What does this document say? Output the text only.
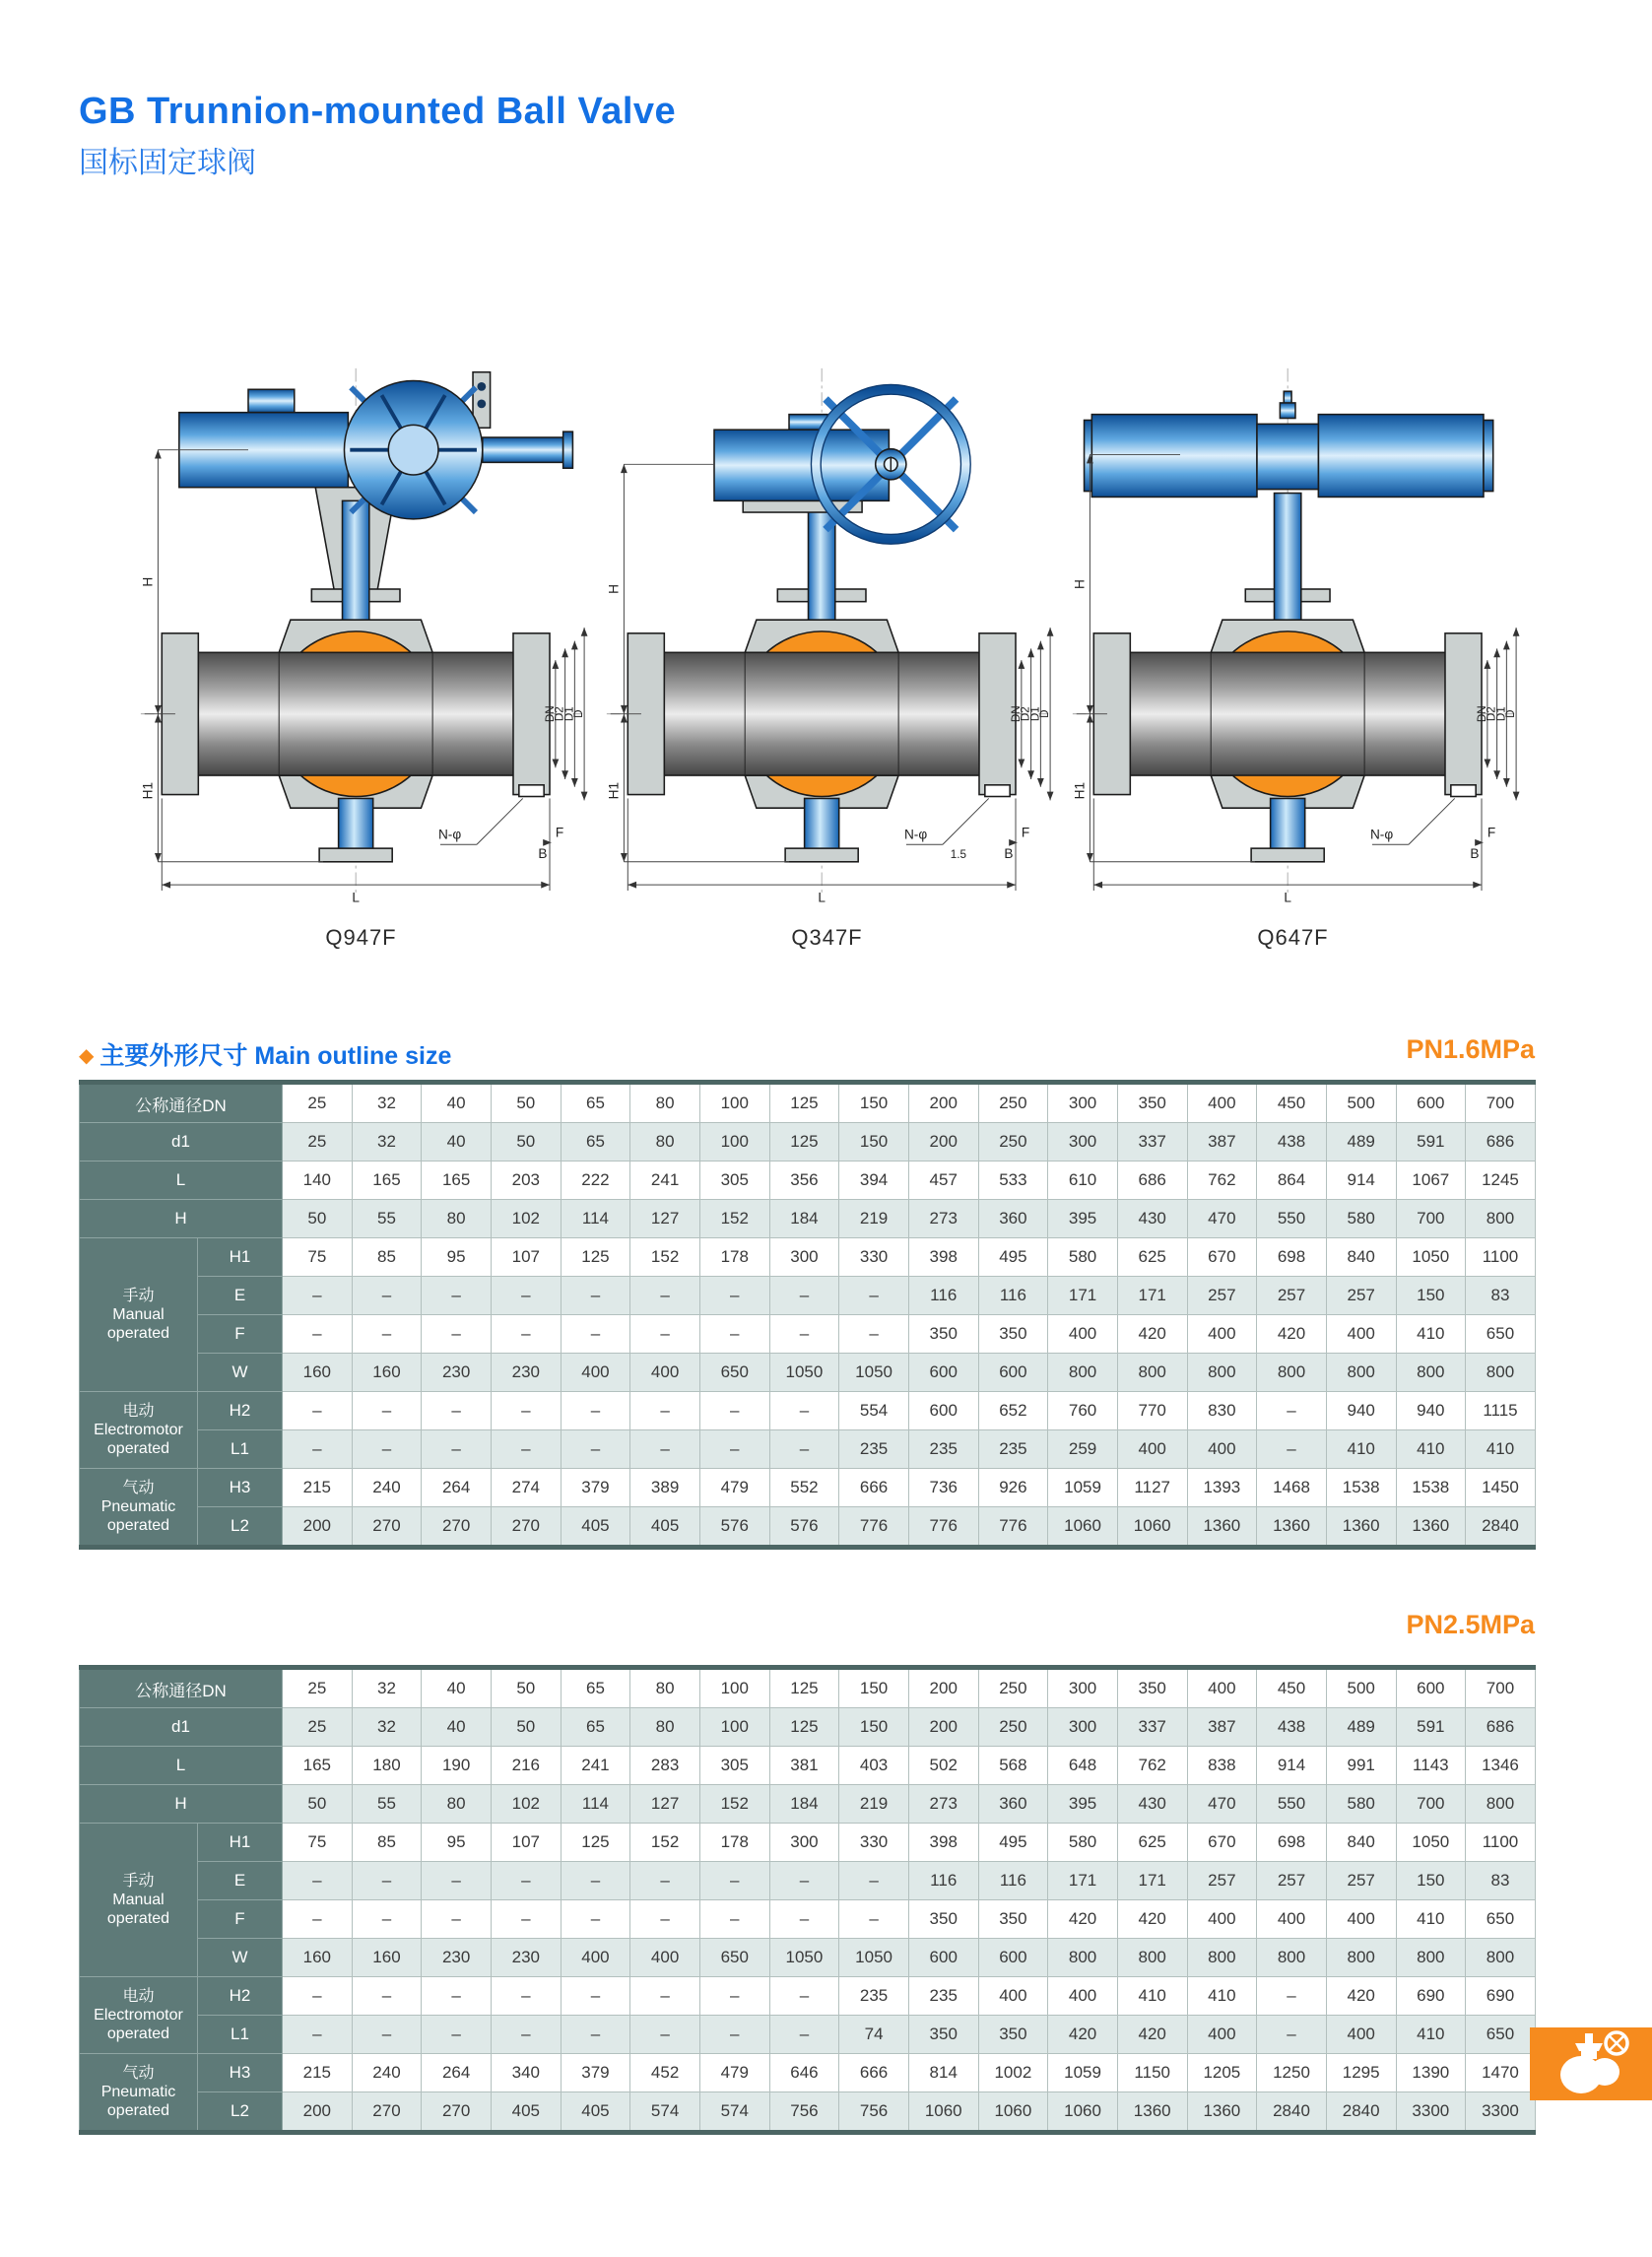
GB Trunnion-mounted Ball Valve
国标固定球阀
H
H1
DN
D2
D1
D
N-φ	F
B
L
Q947F
H
H1
DN
D2
D1
D
N-φ	F
B
1.5
L
Q347F
H
H1
DN
D2
D1
D
N-φ	F
B
L
Q647F
◆ 主要外形尺寸 Main outline size	PN1.6MPa
公称通径DN		25	32	40	50	65	80	100	125	150	200	250	300	350	400	450	500	600	700
d1		25	32	40	50	65	80	100	125	150	200	250	300	337	387	438	489	591	686
L		140	165	165	203	222	241	305	356	394	457	533	610	686	762	864	914	1067	1245
H		50	55	80	102	114	127	152	184	219	273	360	395	430	470	550	580	700	800

手动
Manual
operated	H1	75	85	95	107	125	152	178	300	330	398	495	580	625	670	698	840	1050	1100
	E	–	–	–	–	–	–	–	–	–	116	116	171	171	257	257	257	150	83
	F	–	–	–	–	–	–	–	–	–	350	350	400	420	400	420	400	410	650
	W	160	160	230	230	400	400	650	1050	1050	600	600	800	800	800	800	800	800	800

电动
Electromotor
operated	H2	–	–	–	–	–	–	–	–	554	600	652	760	770	830	–	940	940	1115
	L1	–	–	–	–	–	–	–	–	235	235	235	259	400	400	–	410	410	410

气动
Pneumatic
operated	H3	215	240	264	274	379	389	479	552	666	736	926	1059	1127	1393	1468	1538	1538	1450
	L2	200	270	270	270	405	405	576	576	776	776	776	1060	1060	1360	1360	1360	1360	2840
PN2.5MPa
公称通径DN		25	32	40	50	65	80	100	125	150	200	250	300	350	400	450	500	600	700
d1		25	32	40	50	65	80	100	125	150	200	250	300	337	387	438	489	591	686
L		165	180	190	216	241	283	305	381	403	502	568	648	762	838	914	991	1143	1346
H		50	55	80	102	114	127	152	184	219	273	360	395	430	470	550	580	700	800

手动
Manual
operated	H1	75	85	95	107	125	152	178	300	330	398	495	580	625	670	698	840	1050	1100
	E	–	–	–	–	–	–	–	–	–	116	116	171	171	257	257	257	150	83
	F	–	–	–	–	–	–	–	–	–	350	350	420	420	400	400	400	410	650
	W	160	160	230	230	400	400	650	1050	1050	600	600	800	800	800	800	800	800	800

电动
Electromotor
operated	H2	–	–	–	–	–	–	–	–	235	235	400	400	410	410	–	420	690	690
	L1	–	–	–	–	–	–	–	–	74	350	350	420	420	400	–	400	410	650

气动
Pneumatic
operated	H3	215	240	264	340	379	452	479	646	666	814	1002	1059	1150	1205	1250	1295	1390	1470
	L2	200	270	270	405	405	574	574	756	756	1060	1060	1060	1360	1360	2840	2840	3300	3300
